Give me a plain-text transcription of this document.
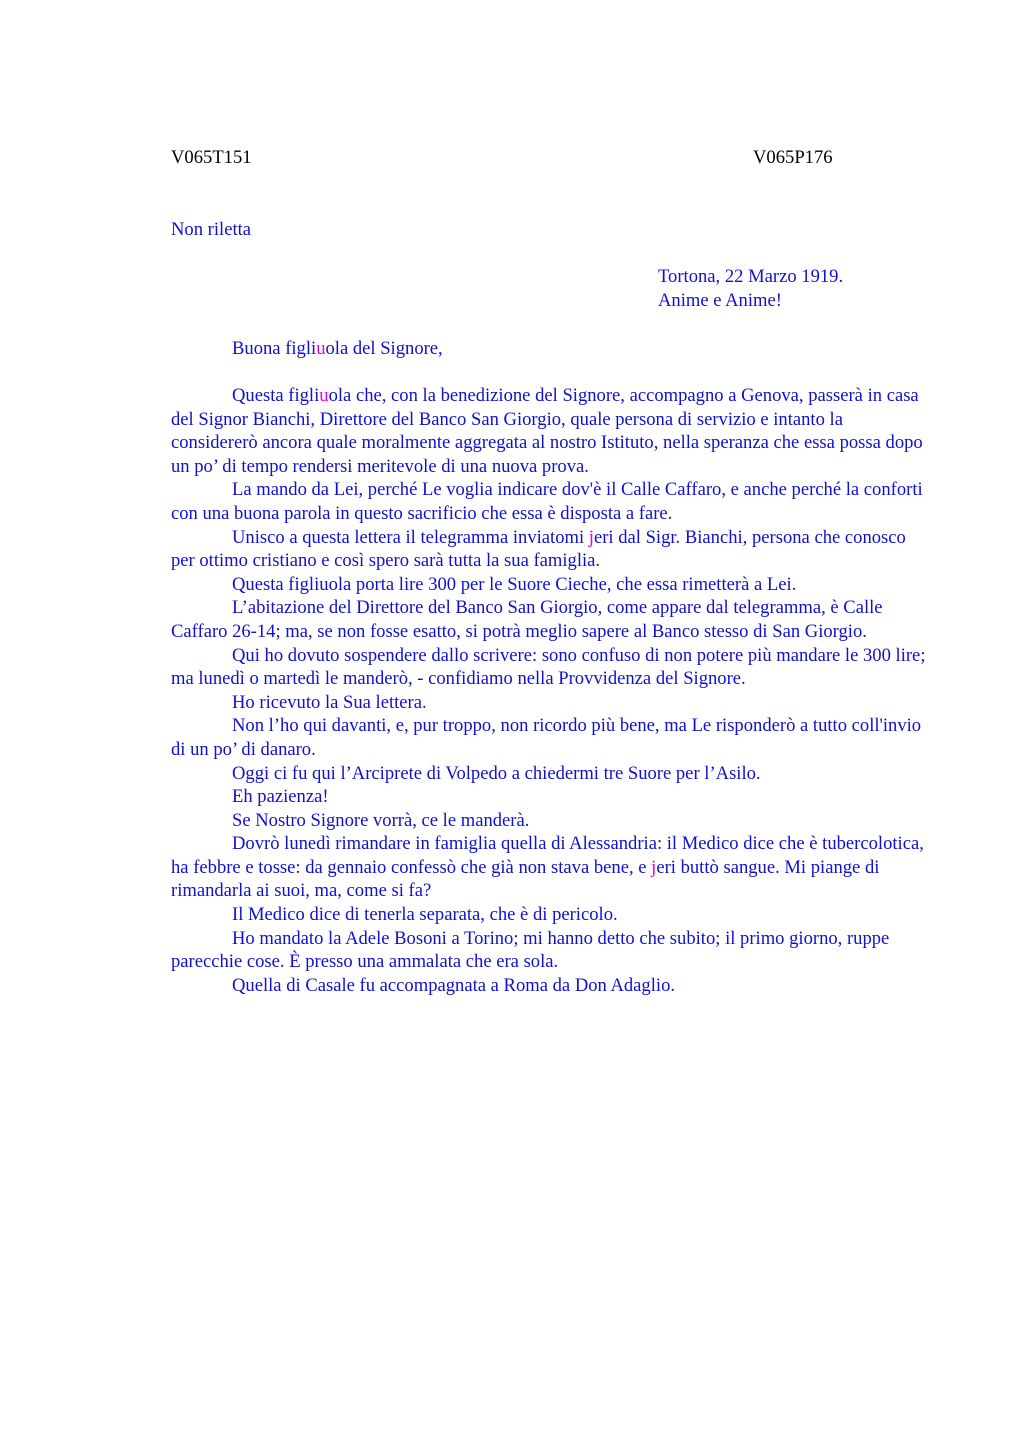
V065T151	V065P176
Non riletta
Tortona, 22 Marzo 1919.
Anime e Anime!
Buona figliuola del Signore,

Questa figliuola che, con la benedizione del Signore, accompagno a Genova, passerà in casa del Signor Bianchi, Direttore del Banco San Giorgio, quale persona di servizio e intanto la considererò ancora quale moralmente aggregata al nostro Istituto, nella speranza che essa possa dopo un po’ di tempo rendersi meritevole di una nuova prova.

La mando da Lei, perché Le voglia indicare dov'è il Calle Caffaro, e anche perché la conforti con una buona parola in questo sacrificio che essa è disposta a fare.

Unisco a questa lettera il telegramma inviatomi jeri dal Sigr. Bianchi, persona che conosco per ottimo cristiano e così spero sarà tutta la sua famiglia.

Questa figliuola porta lire 300 per le Suore Cieche, che essa rimetterà a Lei.

L’abitazione del Direttore del Banco San Giorgio, come appare dal telegramma, è Calle Caffaro 26-14; ma, se non fosse esatto, si potrà meglio sapere al Banco stesso di San Giorgio.

Qui ho dovuto sospendere dallo scrivere: sono confuso di non potere più mandare le 300 lire; ma lunedì o martedì le manderò, - confidiamo nella Provvidenza del Signore.

Ho ricevuto la Sua lettera.

Non l’ho qui davanti, e, pur troppo, non ricordo più bene, ma Le risponderò a tutto coll'invio di un po’ di danaro.

Oggi ci fu qui l’Arciprete di Volpedo a chiedermi tre Suore per l’Asilo.

Eh pazienza!

Se Nostro Signore vorrà, ce le manderà.

Dovrò lunedì rimandare in famiglia quella di Alessandria: il Medico dice che è tubercolotica, ha febbre e tosse: da gennaio confessò che già non stava bene, e jeri buttò sangue. Mi piange di rimandarla ai suoi, ma, come si fa?

Il Medico dice di tenerla separata, che è di pericolo.

Ho mandato la Adele Bosoni a Torino; mi hanno detto che subito; il primo giorno, ruppe parecchie cose. È presso una ammalata che era sola.

Quella di Casale fu accompagnata a Roma da Don Adaglio.
